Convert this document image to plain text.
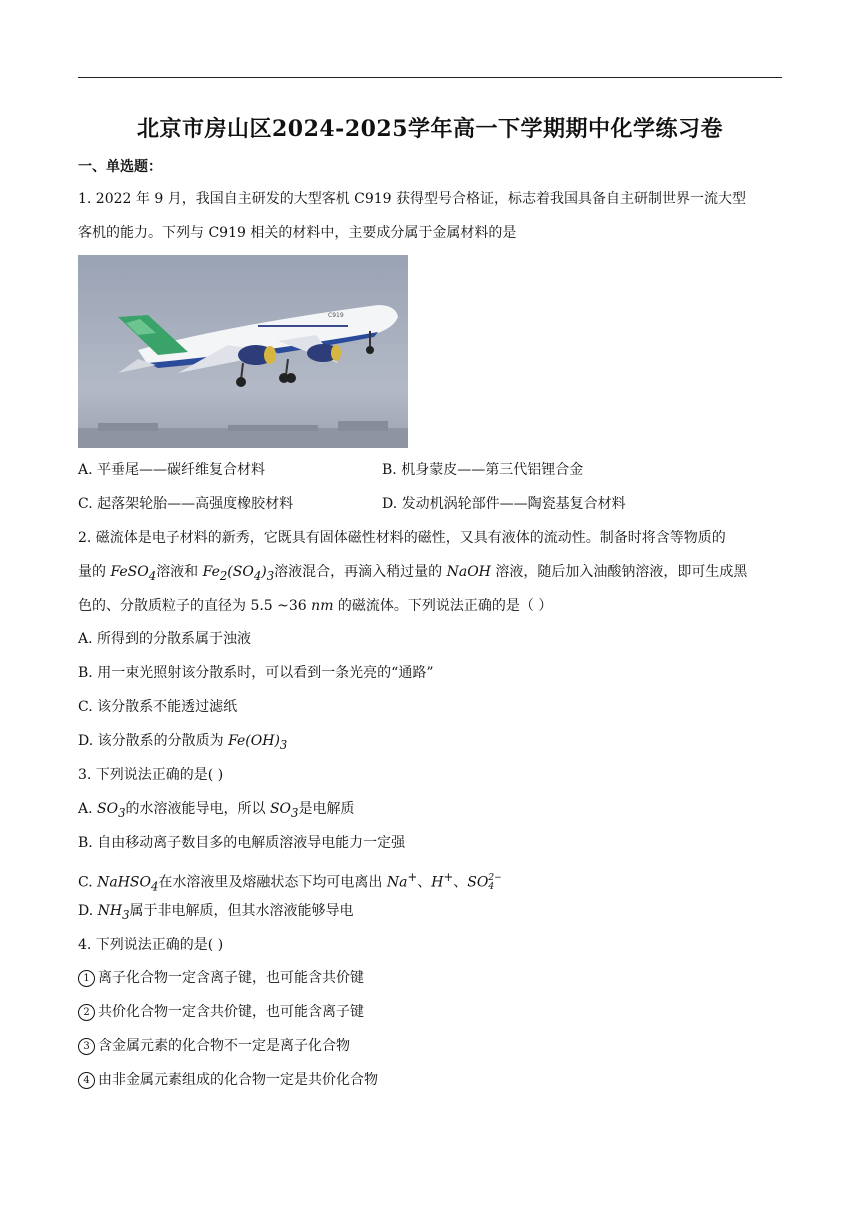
北京市房山区2024-2025学年高一下学期期中化学练习卷
一、单选题：
1. 2022 年 9 月，我国自主研发的大型客机 C919 获得型号合格证，标志着我国具备自主研制世界一流大型
客机的能力。下列与 C919 相关的材料中，主要成分属于金属材料的是
C919
A. 平垂尾——碳纤维复合材料	B. 机身蒙皮——第三代铝锂合金
C. 起落架轮胎——高强度橡胶材料	D. 发动机涡轮部件——陶瓷基复合材料
2. 磁流体是电子材料的新秀，它既具有固体磁性材料的磁性，又具有液体的流动性。制备时将含等物质的
量的 FeSO$_4$溶液和 $Fe_2(SO_4)_3$溶液混合，再滴入稍过量的 NaOH 溶液，随后加入油酸钠溶液，即可生成黑
色的、分散质粒子的直径为 5.5 ~36 nm 的磁流体。下列说法正确的是（ ）
A. 所得到的分散系属于浊液
B. 用一束光照射该分散系时，可以看到一条光亮的“通路”
C. 该分散系不能透过滤纸
D. 该分散系的分散质为 $Fe(OH)_3$
3. 下列说法正确的是( )
A. $SO_3$的水溶液能导电，所以 $SO_3$是电解质
B. 自由移动离子数目多的电解质溶液导电能力一定强
C. NaHSO$_4$在水溶液里及熔融状态下均可电离出 Na+、H+、SO 2−
4
D. $NH_3$属于非电解质，但其水溶液能够导电
4. 下列说法正确的是( )
1 离子化合物一定含离子键，也可能含共价键
2 共价化合物一定含共价键，也可能含离子键
3 含金属元素的化合物不一定是离子化合物
4 由非金属元素组成的化合物一定是共价化合物
